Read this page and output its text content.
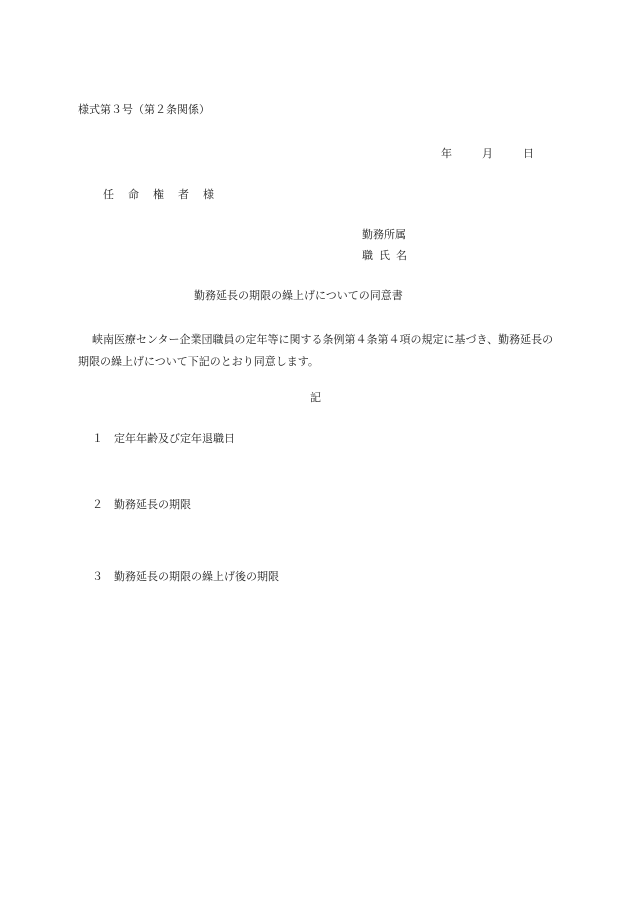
様式第３号（第２条関係）
年	月	日
任命権者様
勤務所属
職氏名
勤務延長の期限の繰上げについての同意書
峡南医療センター企業団職員の定年等に関する条例第４条第４項の規定に基づき、勤務延長の期限の繰上げについて下記のとおり同意します。
記
１ 定年年齢及び定年退職日
２ 勤務延長の期限
３ 勤務延長の期限の繰上げ後の期限
